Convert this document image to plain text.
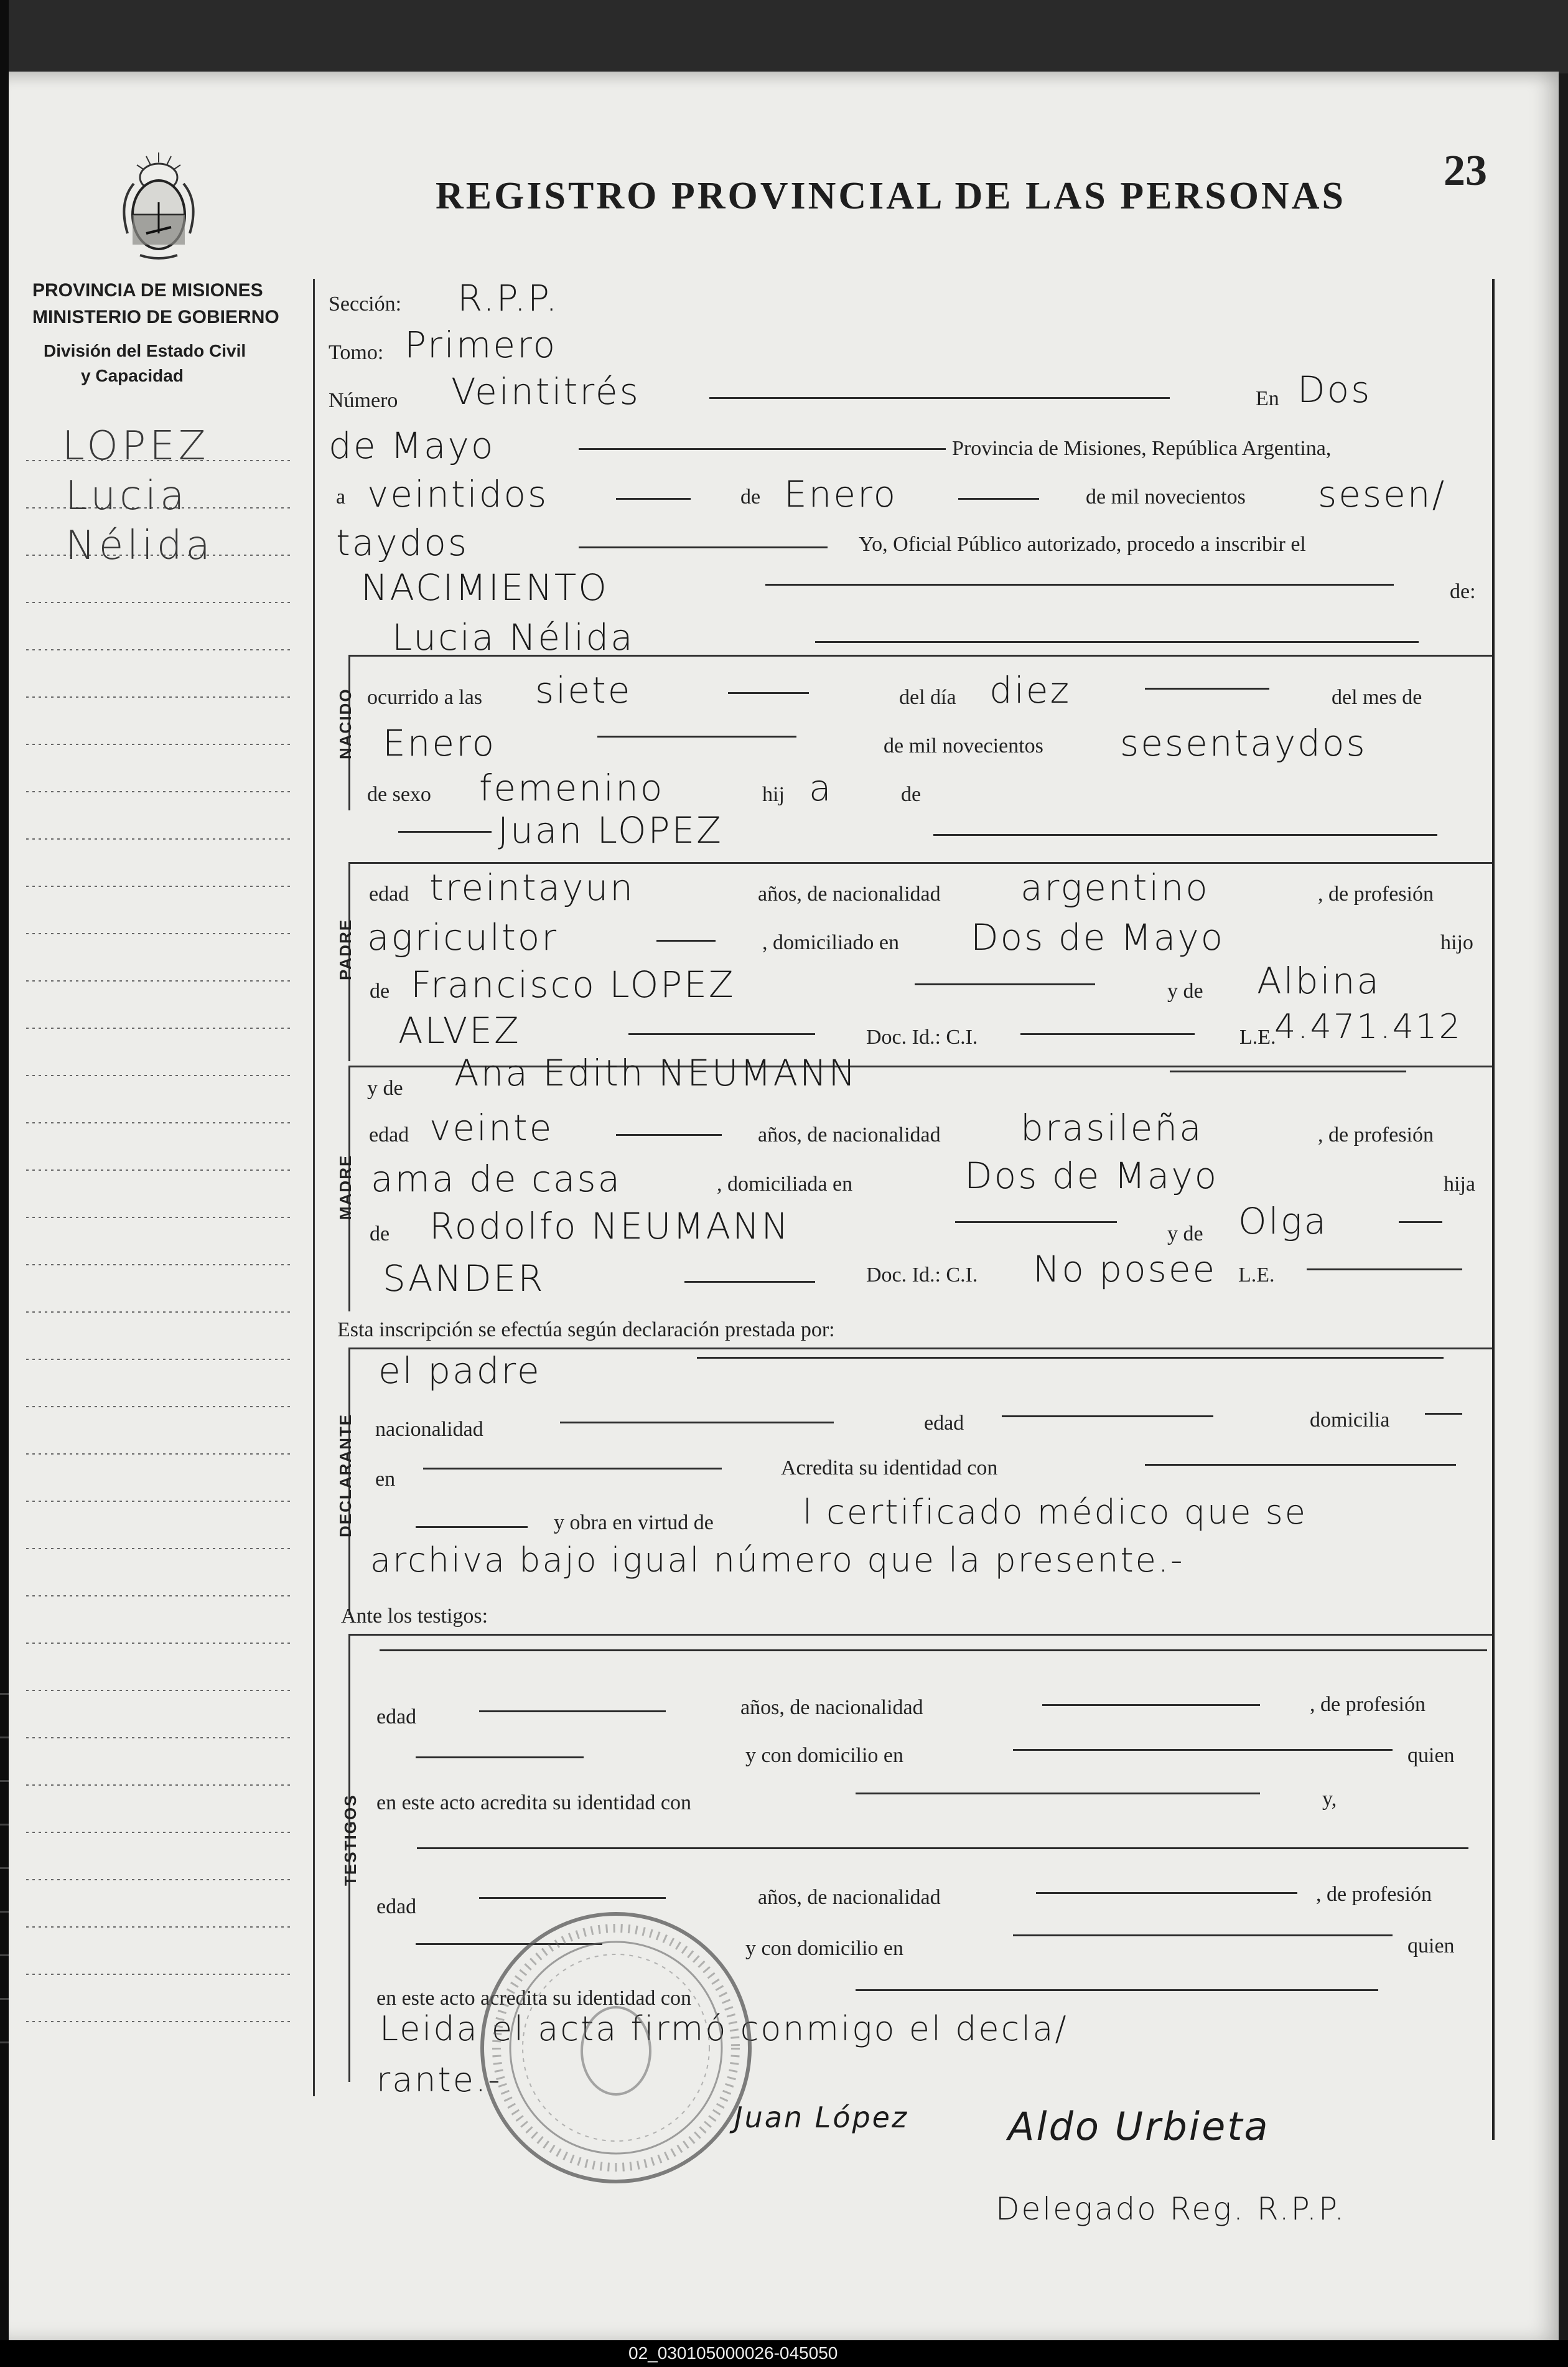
23
REGISTRO PROVINCIAL DE LAS PERSONAS
PROVINCIA DE MISIONES
MINISTERIO DE GOBIERNO
División del Estado Civil
y Capacidad
LOPEZ
Lucia
Nélida
Sección: R.P.P.
Tomo: Primero
Número Veintitrés	En Dos
de Mayo	Provincia de Misiones, República Argentina,
a veintidos	de Enero	de mil novecientos sesen/
taydos	Yo, Oficial Público autorizado, procedo a inscribir el
NACIMIENTO	de:
Lucia Nélida
NACIDO ocurrido a las siete	del día diez	del mes de
Enero	de mil novecientos sesentaydos
de sexo femenino	hij a	de
Juan LOPEZ
PADRE
edad treintayun	años, de nacionalidad argentino	, de profesión
agricultor	, domiciliado en Dos de Mayo	hijo
de Francisco LOPEZ	y de Albina
ALVEZ	Doc. Id.: C.I.	L.E.
4.471.412
MADRE
y de Ana Edith NEUMANN
edad veinte	años, de nacionalidad brasileña	, de profesión
ama de casa	, domiciliada en	Dos de Mayo	hija
de Rodolfo NEUMANN	y de Olga
SANDER	Doc. Id.: C.I. No posee L.E.
Esta inscripción se efectúa según declaración prestada por:
DECLARANTE
el padre
nacionalidad	edad	domicilia
en	Acredita su identidad con
y obra en virtud de	l certificado médico que se
archiva bajo igual número que la presente.-
Ante los testigos:
TESTIGOS
edad	años, de nacionalidad	, de profesión
y con domicilio en	quien
en este acto acredita su identidad con	y,
edad	años, de nacionalidad	, de profesión
y con domicilio en	quien
en este acto acredita su identidad con
Leida el acta firmó conmigo el decla/
rante.-
Juan López	Aldo Urbieta
Delegado Reg. R.P.P.
02_030105000026-045050
